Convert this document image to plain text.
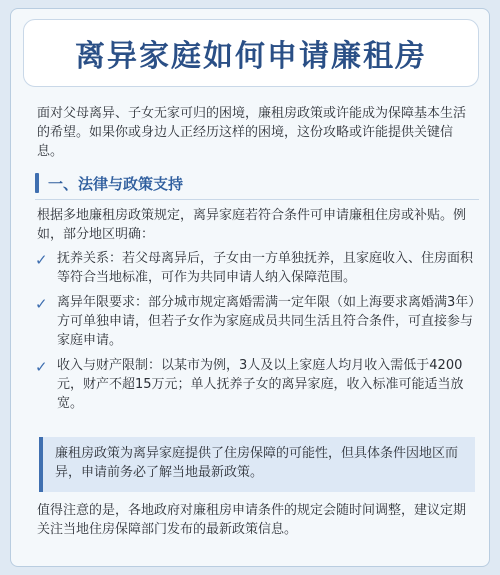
离异家庭如何申请廉租房
面对父母离异、子女无家可归的困境，廉租房政策或许能成为保障基本生活的希望。如果你或身边人正经历这样的困境，这份攻略或许能提供关键信息。
一、法律与政策支持
根据多地廉租房政策规定，离异家庭若符合条件可申请廉租住房或补贴。例如，部分地区明确：
✓ 抚养关系：若父母离异后，子女由一方单独抚养，且家庭收入、住房面积等符合当地标准，可作为共同申请人纳入保障范围。
✓ 离异年限要求：部分城市规定离婚需满一定年限（如上海要求离婚满3年）方可单独申请，但若子女作为家庭成员共同生活且符合条件，可直接参与家庭申请。
✓ 收入与财产限制：以某市为例，3人及以上家庭人均月收入需低于4200元，财产不超15万元；单人抚养子女的离异家庭，收入标准可能适当放宽。
廉租房政策为离异家庭提供了住房保障的可能性，但具体条件因地区而异，申请前务必了解当地最新政策。
值得注意的是，各地政府对廉租房申请条件的规定会随时间调整，建议定期关注当地住房保障部门发布的最新政策信息。
